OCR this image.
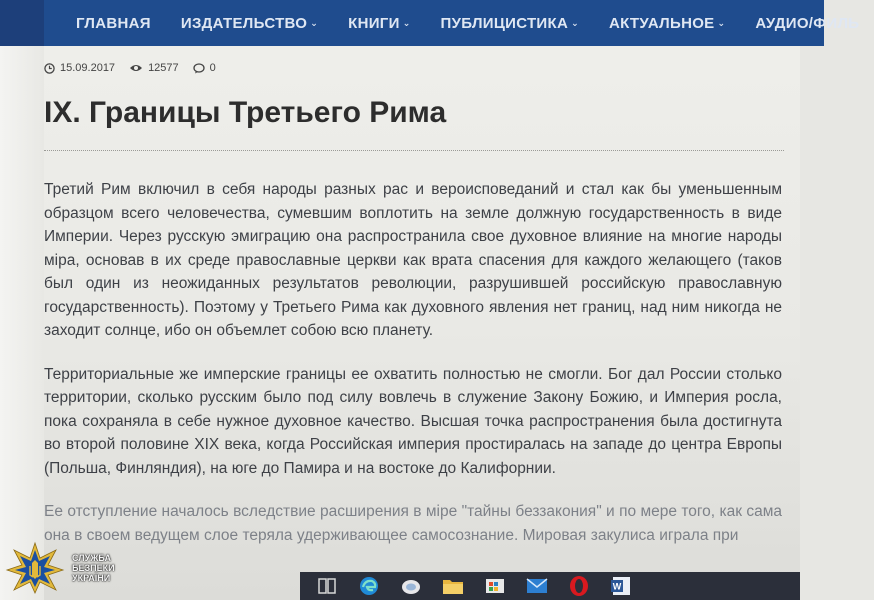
ГЛАВНАЯ ИЗДАТЕЛЬСТВО ⌄ КНИГИ ⌄ ПУБЛИЦИСТИКА ⌄ АКТУАЛЬНОЕ ⌄ АУДИО/ФИЛЬ
15.09.2017	12577	0
IX. Границы Третьего Рима

Третий Рим включил в себя народы разных рас и вероисповеданий и стал как бы уменьшенным образцом всего человечества, сумевшим воплотить на земле должную государственность в виде Империи. Через русскую эмиграцию она распространила свое духовное влияние на многие народы міра, основав в их среде православные церкви как врата спасения для каждого желающего (таков был один из неожиданных результатов революции, разрушившей российскую православную государственность). Поэтому у Третьего Рима как духовного явления нет границ, над ним никогда не заходит солнце, ибо он объемлет собою всю планету.

Территориальные же имперские границы ее охватить полностью не смогли. Бог дал России столько территории, сколько русским было под силу вовлечь в служение Закону Божию, и Империя росла, пока сохраняла в себе нужное духовное качество. Высшая точка распространения была достигнута во второй половине XIX века, когда Российская империя простиралась на западе до центра Европы (Польша, Финляндия), на юге до Памира и на востоке до Калифорнии.

Ее отступление началось вследствие расширения в міре "тайны беззакония" и по мере того, как сама она в своем ведущем слое теряла удерживающее самосознание. Мировая закулиса играла при

W
СЛУЖБА
БЕЗПЕКИ
УКРАЇНИ
